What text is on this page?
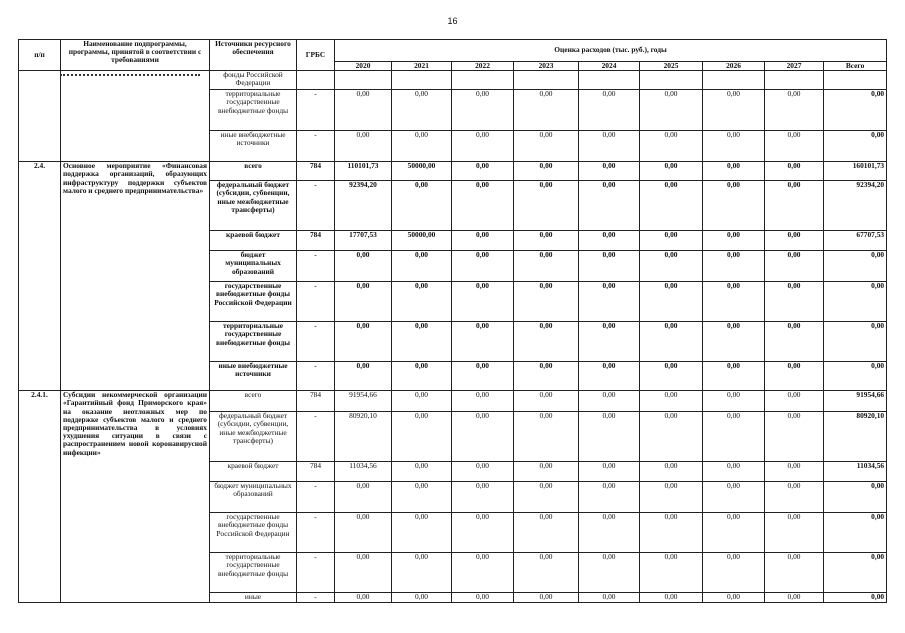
16
п/п	Наименование подпрограммы, программы, принятой в соответствии с требованиями	Источники ресурсного обеспечения	ГРБС	Оценка расходов (тыс. руб.), годы								
				2020	2021	2022	2023	2024	2025	2026	2027	Всего
		фонды Российской Федерации										
		территориальные государственные внебюджетные фонды	-	0,00	0,00	0,00	0,00	0,00	0,00	0,00	0,00	0,00
		иные внебюджетные источники	-	0,00	0,00	0,00	0,00	0,00	0,00	0,00	0,00	0,00
2.4.	Основное мероприятие «Финансовая поддержка организаций, образующих инфраструктуру поддержки субъектов малого и среднего предпринимательства»	всего	784	110101,73	50000,00	0,00	0,00	0,00	0,00	0,00	0,00	160101,73
		федеральный бюджет (субсидии, субвенции, иные межбюджетные трансферты)	-	92394,20	0,00	0,00	0,00	0,00	0,00	0,00	0,00	92394,20
		краевой бюджет	784	17707,53	50000,00	0,00	0,00	0,00	0,00	0,00	0,00	67707,53
		бюджет муниципальных образований	-	0,00	0,00	0,00	0,00	0,00	0,00	0,00	0,00	0,00
		государственные внебюджетные фонды Российской Федерации	-	0,00	0,00	0,00	0,00	0,00	0,00	0,00	0,00	0,00
		территориальные государственные внебюджетные фонды	-	0,00	0,00	0,00	0,00	0,00	0,00	0,00	0,00	0,00
		иные внебюджетные источники	-	0,00	0,00	0,00	0,00	0,00	0,00	0,00	0,00	0,00
2.4.1.	Субсидии некоммерческой организации «Гарантийный фонд Приморского края» на оказание неотложных мер по поддержке субъектов малого и среднего предпринимательства в условиях ухудшения ситуации в связи с распространением новой коронавирусной инфекции»	всего	784	91954,66	0,00	0,00	0,00	0,00	0,00	0,00	0,00	91954,66
		федеральный бюджет (субсидии, субвенции, иные межбюджетные трансферты)	-	80920,10	0,00	0,00	0,00	0,00	0,00	0,00	0,00	80920,10
		краевой бюджет	784	11034,56	0,00	0,00	0,00	0,00	0,00	0,00	0,00	11034,56
		бюджет муниципальных образований	-	0,00	0,00	0,00	0,00	0,00	0,00	0,00	0,00	0,00
		государственные внебюджетные фонды Российской Федерации	-	0,00	0,00	0,00	0,00	0,00	0,00	0,00	0,00	0,00
		территориальные государственные внебюджетные фонды	-	0,00	0,00	0,00	0,00	0,00	0,00	0,00	0,00	0,00
		иные	-	0,00	0,00	0,00	0,00	0,00	0,00	0,00	0,00	0,00
